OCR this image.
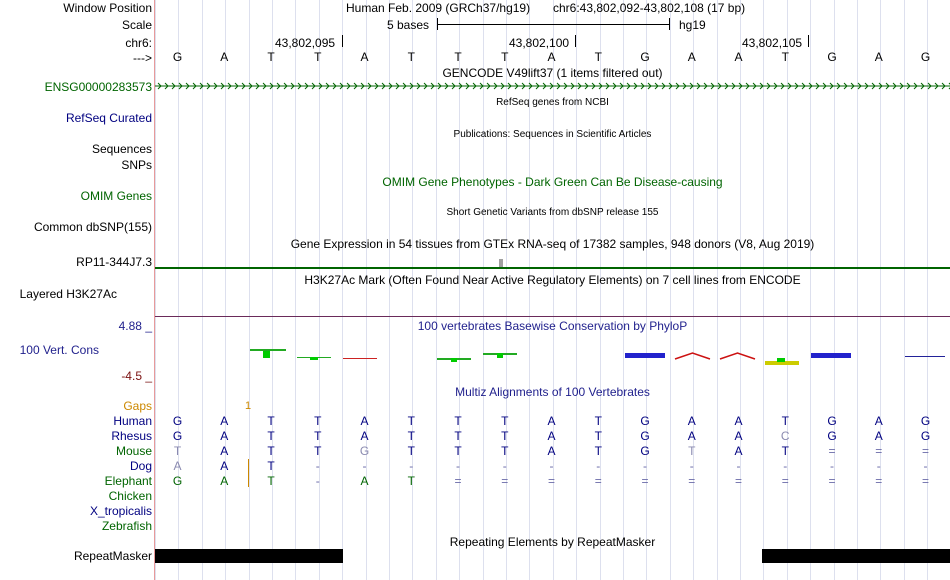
Window Position
Scale
chr6:
--->
ENSG00000283573
RefSeq Curated
Sequences
SNPs
OMIM Genes
Common dbSNP(155)
RP11-344J7.3
Layered H3K27Ac
4.88 _
100 Vert. Cons
-4.5 _
Gaps
Human
Rhesus
Mouse
Dog
Elephant
Chicken
X_tropicalis
Zebrafish
RepeatMasker
Human Feb. 2009 (GRCh37/hg19) chr6:43,802,092-43,802,108 (17 bp)
5 bases	hg19
43,802,095	43,802,100	43,802,105
G	A	T	T	A	T	T	T	A	T	G	A	A	T	G	A	G
GENCODE V49lift37 (1 items filtered out)
RefSeq genes from NCBI
Publications: Sequences in Scientific Articles
OMIM Gene Phenotypes - Dark Green Can Be Disease-causing
Short Genetic Variants from dbSNP release 155
Gene Expression in 54 tissues from GTEx RNA-seq of 17382 samples, 948 donors (V8, Aug 2019)
H3K27Ac Mark (Often Found Near Active Regulatory Elements) on 7 cell lines from ENCODE
100 vertebrates Basewise Conservation by PhyloP
Multiz Alignments of 100 Vertebrates
1
G	A	T	T	A	T	T	T	A	T	G	A	A	T	G	A	G
G	A	T	T	A	T	T	T	A	T	G	A	A	C	G	A	G
T	A	T	T	G	T	T	T	A	T	G	T	A	T	=	=	=
A	A	T	-	-	-	-	-	-	-	-	-	-	-	-	-	-
G	A	T	-	A	T	=	=	=	=	=	=	=	=	=	=	=
Repeating Elements by RepeatMasker
